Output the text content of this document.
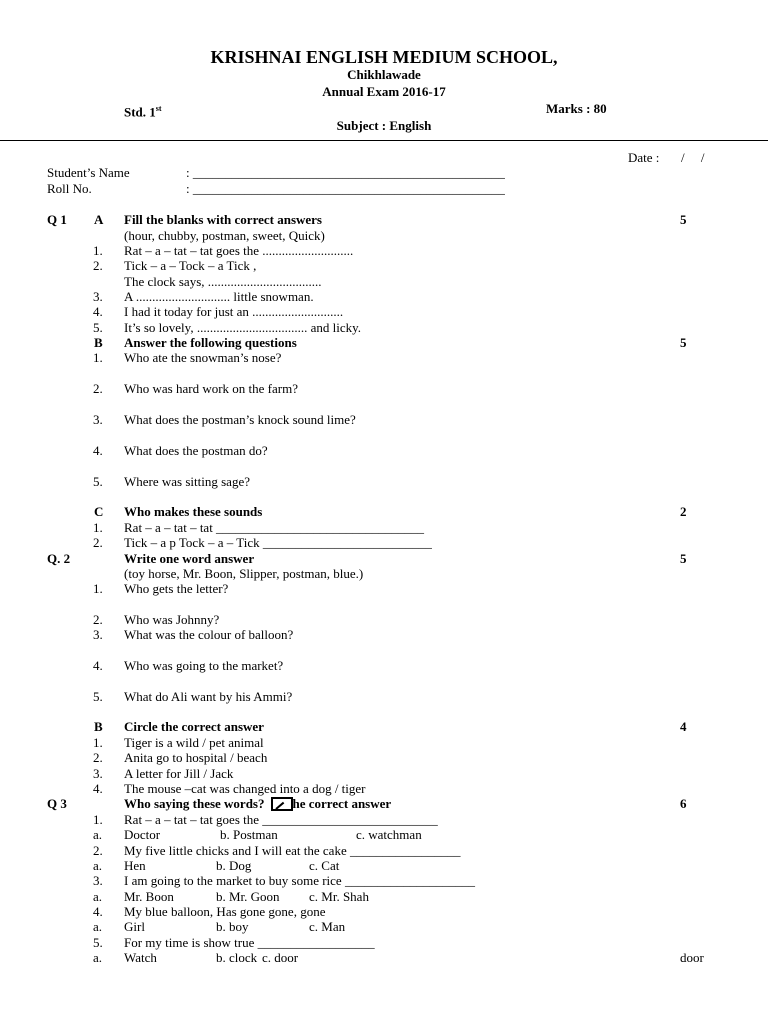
KRISHNAI ENGLISH MEDIUM SCHOOL,
Chikhlawade
Annual Exam 2016-17
Std. 1st	Marks : 80
Subject : English
Date : /     /
Student’s Name	: ________________________________________________
Roll No.	: ________________________________________________
Q 1 A Fill the blanks with correct answers	5
(hour, chubby, postman, sweet, Quick)
1. Rat – a – tat – tat goes the ............................
2. Tick – a – Tock – a Tick ,
The clock says, ...................................
3. A ............................. little snowman.
4. I had it today for just an ............................
5. It’s so lovely, .................................. and licky.
B Answer the following questions	5
1. Who ate the snowman’s nose?
2. Who was hard work on the farm?
3. What does the postman’s knock sound lime?
4. What does the postman do?
5. Where was sitting sage?
C Who makes these sounds	2
1. Rat – a – tat – tat ________________________________
2. Tick – a p Tock – a – Tick __________________________
Q. 2	Write one word answer	5
(toy horse, Mr. Boon, Slipper, postman, blue.)
1. Who gets the letter?
2. Who was Johnny?
3. What was the colour of balloon?
4. Who was going to the market?
5. What do Ali want by his Ammi?
B Circle the correct answer	4
1. Tiger is a wild / pet animal
2. Anita go to hospital / beach
3. A letter for Jill / Jack
4. The mouse –cat was changed into a dog / tiger
Q 3	Who saying these words? he correct answer	6
1. Rat – a – tat – tat goes the ___________________________
a. Doctor	b. Postman	c. watchman
2. My five little chicks and I will eat the cake _________________
a. Hen	b. Dog	c. Cat
3. I am going to the market to buy some rice ____________________
a. Mr. Boon	b. Mr. Goon c. Mr. Shah
4. My blue balloon, Has gone gone, gone
a. Girl	b. boy	c. Man
5. For my time is show true __________________
a. Watch	b. clock c. door	door
